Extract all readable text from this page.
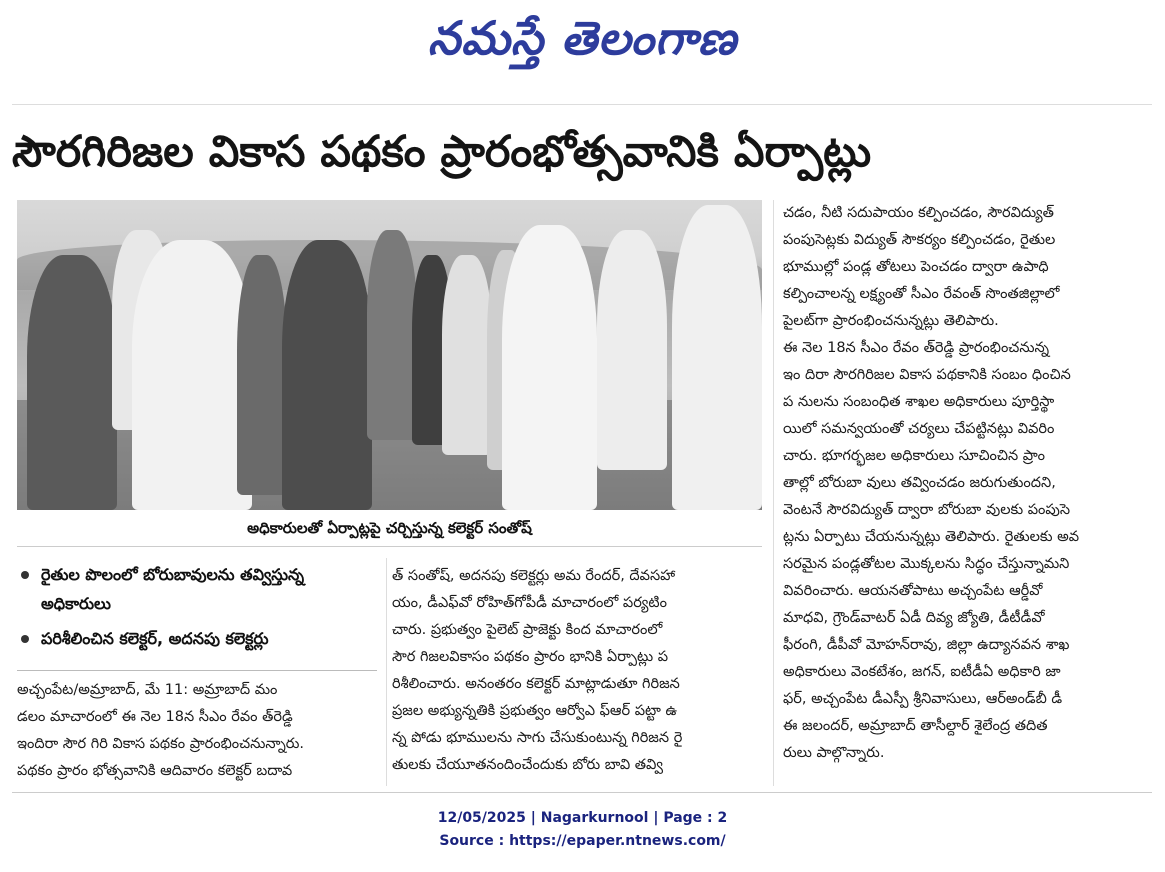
నమస్తే తెలంగాణ
సౌరగిరిజల వికాస పథకం ప్రారంభోత్సవానికి ఏర్పాట్లు
అధికారులతో ఏర్పాట్లపై చర్చిస్తున్న కలెక్టర్ సంతోష్
రైతుల పొలంలో బోరుబావులను తవ్విస్తున్న అధికారులు
పరిశీలించిన కలెక్టర్, అదనపు కలెక్టర్లు

అచ్చంపేట/అమ్రాబాద్, మే 11: అమ్రాబాద్ మం

డలం మాచారంలో ఈ నెల 18న సీఎం రేవం త్‌రెడ్డి

ఇందిరా సౌర గిరి వికాస పథకం ప్రారంభించనున్నారు.

పథకం ప్రారం భోత్సవానికి ఆదివారం కలెక్టర్ బదావ

త్ సంతోష్, అదనపు కలెక్టర్లు అమ రేందర్, దేవసహా

యం, డీఎఫ్‌వో రోహిత్‌గోపీడీ మాచారంలో పర్యటిం

చారు. ప్రభుత్వం పైలెట్ ప్రాజెక్టు కింద మాచారంలో

సౌర గిజలవికాసం పథకం ప్రారం భానికి ఏర్పాట్లు ప

రిశీలించారు. అనంతరం కలెక్టర్ మాట్లాడుతూ గిరిజన

ప్రజల అభ్యున్నతికి ప్రభుత్వం ఆర్వోఎ ఫ్‌ఆర్ పట్టా ఉ

న్న పోడు భూములను సాగు చేసుకుంటున్న గిరిజన రై

తులకు చేయూతనందించేందుకు బోరు బావి తవ్వి

చడం, నీటి సదుపాయం కల్పించడం, సౌరవిద్యుత్

పంపుసెట్లకు విద్యుత్ సౌకర్యం కల్పించడం, రైతుల

భూముల్లో పండ్ల తోటలు పెంచడం ద్వారా ఉపాధి

కల్పించాలన్న లక్ష్యంతో సీఎం రేవంత్ సొంతజిల్లాలో

పైలట్‌గా ప్రారంభించనున్నట్లు తెలిపారు.

ఈ నెల 18న సీఎం రేవం త్‌రెడ్డి ప్రారంభించనున్న

ఇం దిరా సౌరగిరిజల వికాస పథకానికి సంబం ధించిన

ప నులను సంబంధిత శాఖల అధికారులు పూర్తిస్థా

యిలో సమన్వయంతో చర్యలు చేపట్టినట్లు వివరిం

చారు. భూగర్భజల అధికారులు సూచించిన ప్రాం

తాల్లో బోరుబా వులు తవ్వించడం జరుగుతుందని,

వెంటనే సౌరవిద్యుత్ ద్వారా బోరుబా వులకు పంపుసె

ట్లను ఏర్పాటు చేయనున్నట్లు తెలిపారు. రైతులకు అవ

సరమైన పండ్లతోటల మొక్కలను సిద్ధం చేస్తున్నామని

వివరించారు. ఆయనతోపాటు అచ్చంపేట ఆర్డీవో

మాధవి, గ్రౌండ్‌వాటర్ ఏడీ దివ్య జ్యోతి, డీటీడీవో

ఫీరంగి, డీపీవో మోహన్‌రావు, జిల్లా ఉద్యానవన శాఖ

అధికారులు వెంకటేశం, జగన్, ఐటీడీఏ అధికారి జా

ఫర్, అచ్చంపేట డీఎస్పీ శ్రీనివాసులు, ఆర్‌అండ్‌బీ డీ

ఈ జలందర్, అమ్రాబాద్ తాసీల్దార్ శైలేంద్ర తదిత

రులు పాల్గొన్నారు.

12/05/2025 | Nagarkurnool | Page : 2
Source : https://epaper.ntnews.com/
